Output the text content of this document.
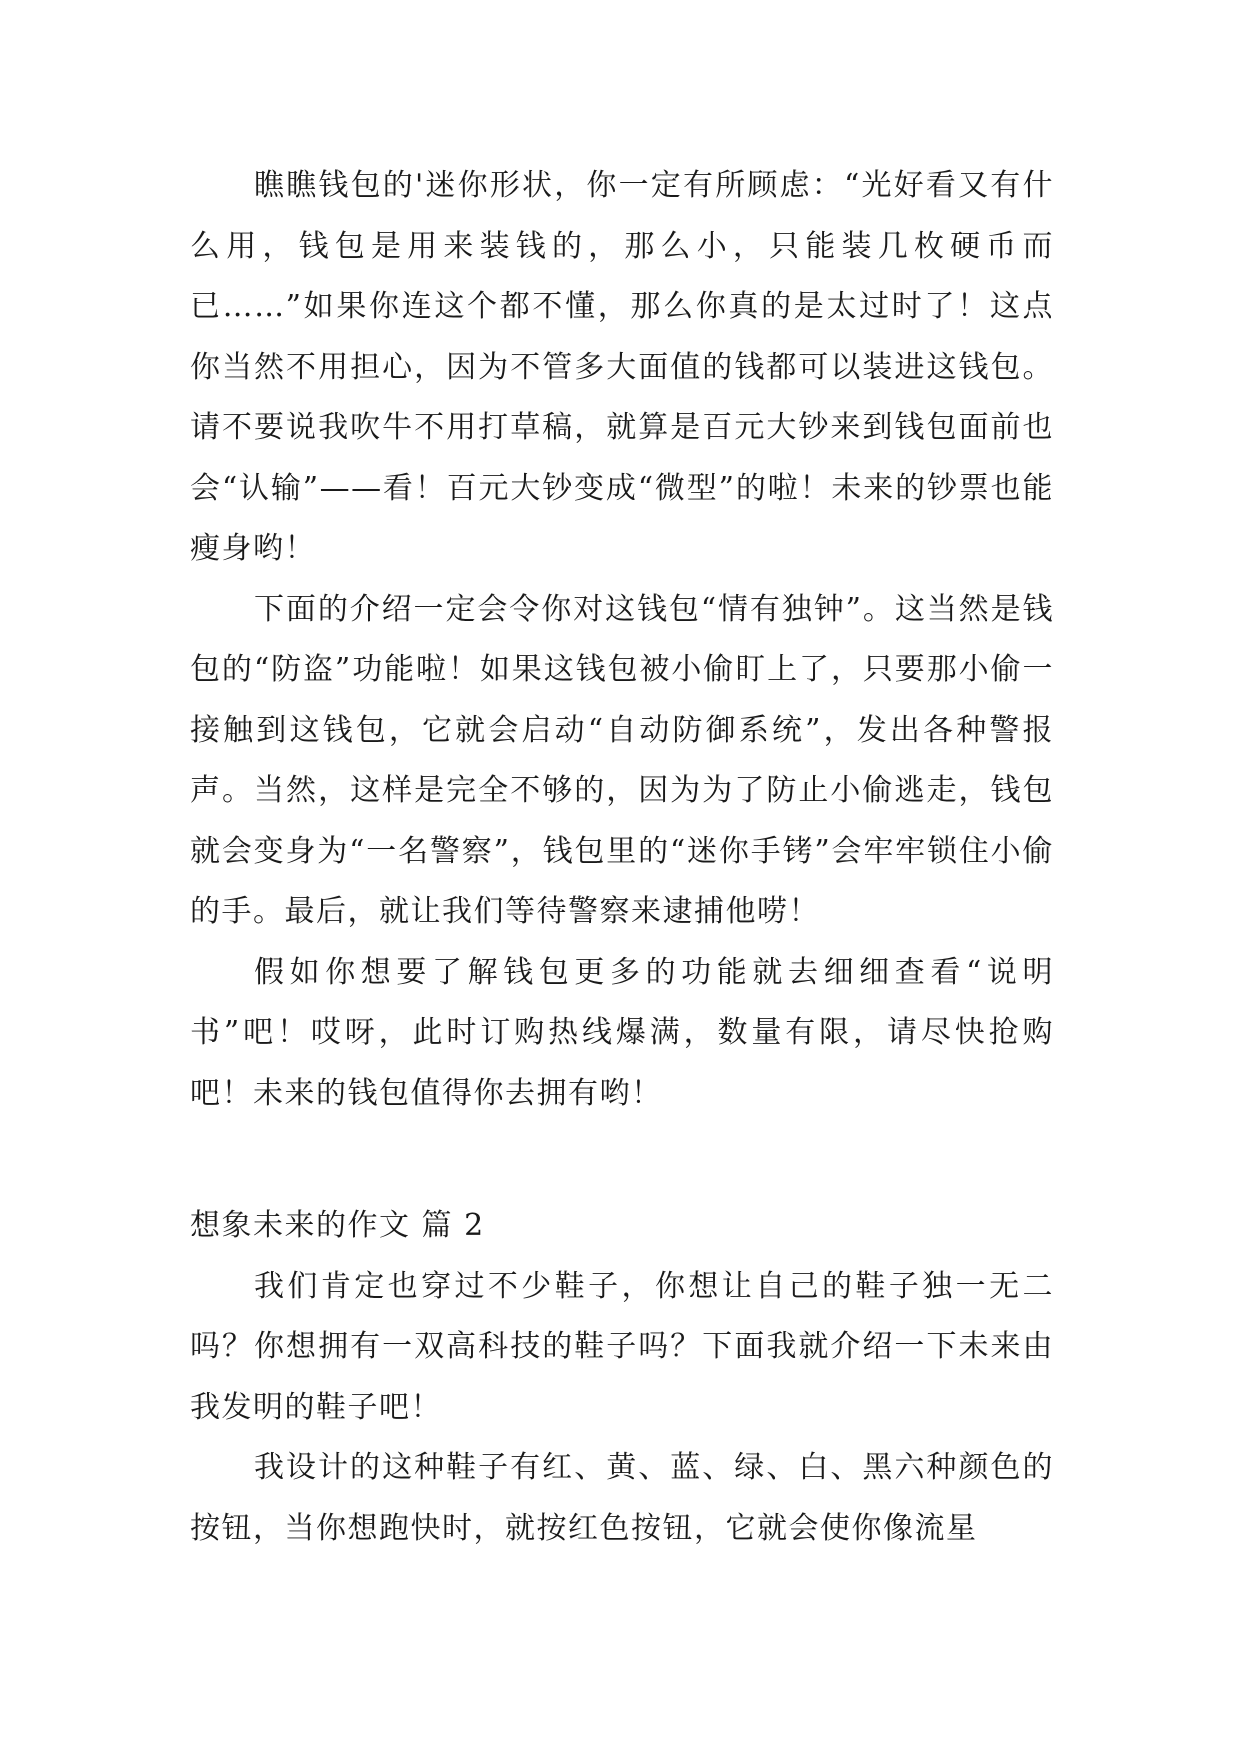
瞧瞧钱包的'迷你形状，你一定有所顾虑：“光好看又有什么用，钱包是用来装钱的，那么小，只能装几枚硬币而已……”如果你连这个都不懂，那么你真的是太过时了！这点你当然不用担心，因为不管多大面值的钱都可以装进这钱包。请不要说我吹牛不用打草稿，就算是百元大钞来到钱包面前也会“认输”——看！百元大钞变成“微型”的啦！未来的钞票也能瘦身哟！

下面的介绍一定会令你对这钱包“情有独钟”。这当然是钱包的“防盗”功能啦！如果这钱包被小偷盯上了，只要那小偷一接触到这钱包，它就会启动“自动防御系统”，发出各种警报声。当然，这样是完全不够的，因为为了防止小偷逃走，钱包就会变身为“一名警察”，钱包里的“迷你手铐”会牢牢锁住小偷的手。最后，就让我们等待警察来逮捕他唠！

假如你想要了解钱包更多的功能就去细细查看“说明书”吧！哎呀，此时订购热线爆满，数量有限，请尽快抢购吧！未来的钱包值得你去拥有哟！

想象未来的作文 篇 2

我们肯定也穿过不少鞋子，你想让自己的鞋子独一无二吗？你想拥有一双高科技的鞋子吗？下面我就介绍一下未来由我发明的鞋子吧！

我设计的这种鞋子有红、黄、蓝、绿、白、黑六种颜色的按钮，当你想跑快时，就按红色按钮，它就会使你像流星
